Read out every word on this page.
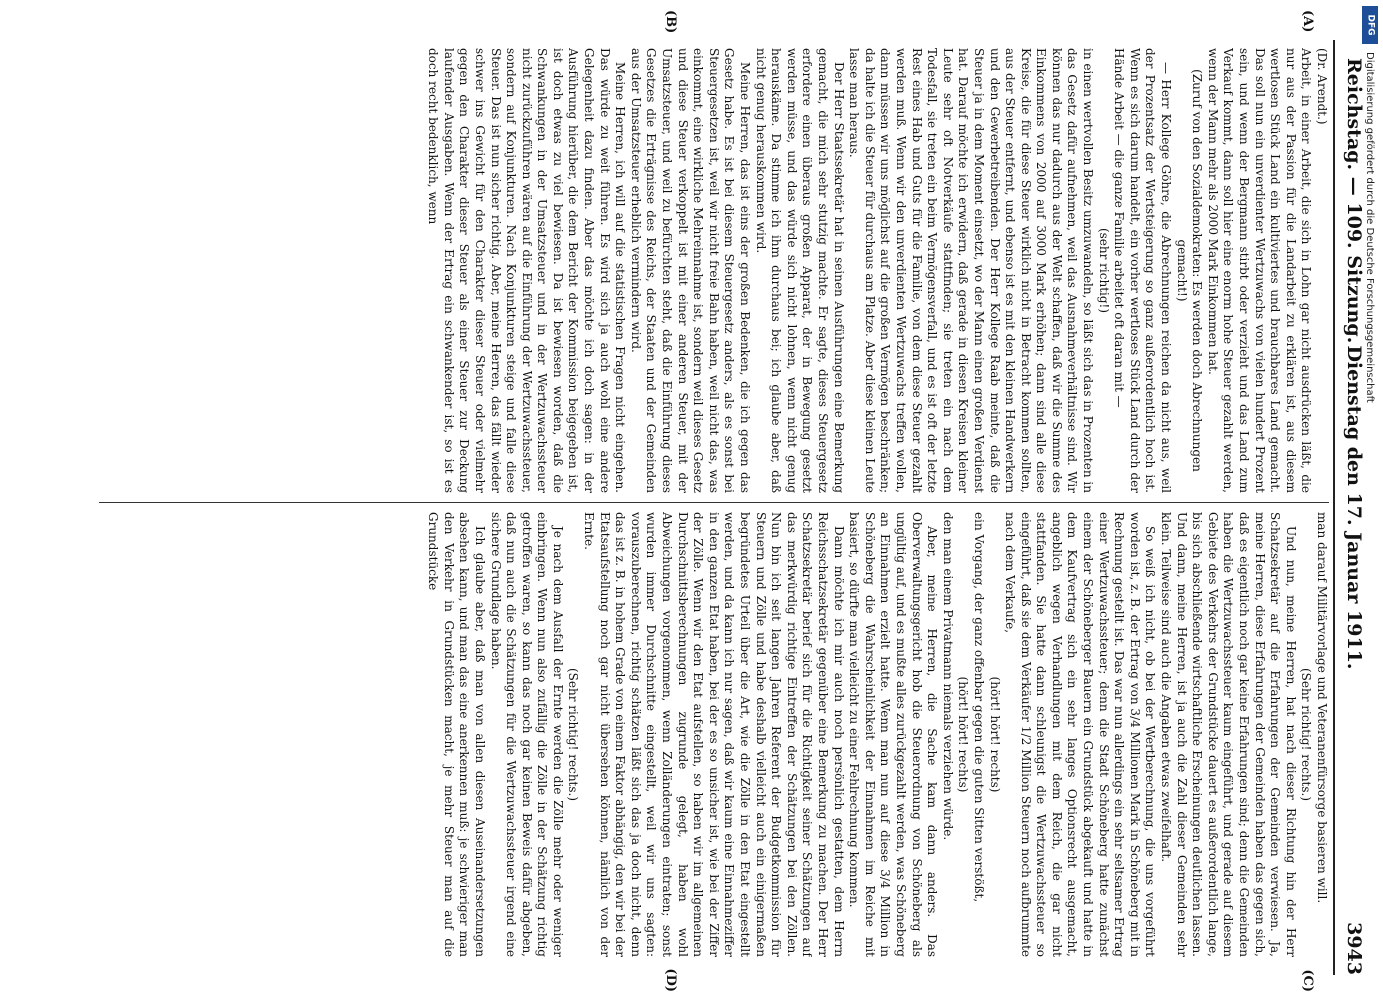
Reichstag. — 109. Sitzung.
Dienstag den 17. Januar 1911.
3943
(A)
(B)
(C)
(D)

(Dr. Arendt.)

Arbeit, in einer Arbeit, die sich in Lohn gar nicht ausdrücken läßt, die nur aus der Passion für die Landarbeit zu erklären ist, aus diesem wertlosen Stück Land ein kultiviertes und brauchbares Land gemacht. Das soll nun ein unverdienter Wertzuwachs von vielen hundert Prozent sein, und wenn der Bergmann stirbt oder verzieht und das Land zum Verkauf kommt, dann soll hier eine enorm hohe Steuer gezahlt werden, wenn der Mann mehr als 2000 Mark Einkommen hat.

(Zuruf von den Sozialdemokraten: Es werden doch Abrechnungen gemacht!)

— Herr Kollege Göhre, die Abrechnungen reichen da nicht aus, weil der Prozentsatz der Wertsteigerung so ganz außerordentlich hoch ist. Wenn es sich darum handelt, ein vorher wertloses Stück Land durch der Hände Arbeit — die ganze Familie arbeitet oft daran mit —

(sehr richtig!)

in einen wertvollen Besitz umzuwandeln, so läßt sich das in Prozenten in das Gesetz dafür aufnehmen, weil das Ausnahmeverhältnisse sind. Wir können das nur dadurch aus der Welt schaffen, daß wir die Summe des Einkommens von 2000 auf 3000 Mark erhöhen; dann sind alle diese Kreise, die für diese Steuer wirklich nicht in Betracht kommen sollten, aus der Steuer entfernt, und ebenso ist es mit den kleinen Handwerkern und den Gewerbetreibenden. Der Herr Kollege Raab meinte, daß die Steuer ja in dem Moment einsetzt, wo der Mann einen großen Verdienst hat. Darauf möchte ich erwidern, daß gerade in diesen Kreisen kleiner Leute sehr oft Notverkäufe stattfinden; sie treten ein nach dem Todesfall, sie treten ein beim Vermögensverfall, und es ist oft der letzte Rest eines Hab und Guts für die Familie, von dem diese Steuer gezahlt werden muß. Wenn wir den unverdienten Wertzuwachs treffen wollen, dann müssen wir uns möglichst auf die großen Vermögen beschränken; da halte ich die Steuer für durchaus am Platze. Aber diese kleinen Leute lasse man heraus.

Der Herr Staatssekretär hat in seinen Ausführungen eine Bemerkung gemacht, die mich sehr stutzig machte. Er sagte, dieses Steuergesetz erfordere einen überaus großen Apparat, der in Bewegung gesetzt werden müsse, und das würde sich nicht lohnen, wenn nicht genug herauskäme. Da stimme ich ihm durchaus bei; ich glaube aber, daß nicht genug herauskommen wird.

Meine Herren, das ist eins der großen Bedenken, die ich gegen das Gesetz habe. Es ist bei diesem Steuergesetz anders, als es sonst bei Steuergesetzen ist, weil wir nicht freie Bahn haben, weil nicht das, was einkommt, eine wirkliche Mehreinnahme ist, sondern weil dieses Gesetz und diese Steuer verkoppelt ist mit einer anderen Steuer, mit der Umsatzsteuer, und weil zu befürchten steht, daß die Einführung dieses Gesetzes die Erträgnisse des Reichs, der Staaten und der Gemeinden aus der Umsatzsteuer erheblich vermindern wird.

Meine Herren, ich will auf die statistischen Fragen nicht eingehen. Das würde zu weit führen. Es wird sich ja auch wohl eine andere Gelegenheit dazu finden. Aber das möchte ich doch sagen: in der Ausführung hierüber, die dem Bericht der Kommission beigegeben ist, ist doch etwas zu viel bewiesen. Da ist bewiesen worden, daß die Schwankungen in der Umsatzsteuer und in der Wertzuwachssteuer nicht zurückzuführen wären auf die Einführung der Wertzuwachssteuer, sondern auf Konjunkturen. Nach Konjunkturen steige und falle diese Steuer. Das ist nun sicher richtig. Aber, meine Herren, das fällt wieder schwer ins Gewicht für den Charakter dieser Steuer oder vielmehr gegen den Charakter dieser Steuer als einer Steuer zur Deckung laufender Ausgaben. Wenn der Ertrag ein schwankender ist, so ist es doch recht bedenklich, wenn

man darauf Militärvorlage und Veteranenfürsorge basieren will.

(Sehr richtig! rechts.)

Und nun, meine Herren, hat nach dieser Richtung hin der Herr Schatzsekretär auf die Erfahrungen der Gemeinden verwiesen. Ja, meine Herren, diese Erfahrungen der Gemeinden haben das gegen sich, daß es eigentlich noch gar keine Erfahrungen sind; denn die Gemeinden haben die Wertzuwachssteuer kaum eingeführt, und gerade auf diesem Gebiete des Verkehrs der Grundstücke dauert es außerordentlich lange, bis sich abschließende wirtschaftliche Erscheinungen deutlichen lassen. Und dann, meine Herren, ist ja auch die Zahl dieser Gemeinden sehr klein. Teilweise sind auch die Angaben etwas zweifelhaft.

So weiß ich nicht, ob bei der Wertberechnung, die uns vorgeführt worden ist, z. B. der Ertrag von 3/4 Millionen Mark in Schöneberg mit in Rechnung gestellt ist. Das war nun allerdings ein sehr seltsamer Ertrag einer Wertzuwachssteuer; denn die Stadt Schöneberg hatte zunächst einem der Schöneberger Bauern ein Grundstück abgekauft und hatte in dem Kaufvertrag sich ein sehr langes Optionsrecht ausgemacht, angeblich wegen Verhandlungen mit dem Reich, die gar nicht stattfanden. Sie hatte dann schleunigst die Wertzuwachssteuer so eingeführt, daß sie dem Verkäufer 1/2 Million Steuern noch aufbrummte nach dem Verkaufe,

(hört! hört! rechts)

ein Vorgang, der ganz offenbar gegen die guten Sitten verstößt,

(hört! hört! rechts)

den man einem Privatmann niemals verziehen würde.

Aber, meine Herren, die Sache kam dann anders. Das Oberverwaltungsgericht hob die Steuerordnung von Schöneberg als ungültig auf, und es mußte alles zurückgezahlt werden, was Schöneberg an Einnahmen erzielt hatte. Wenn man nun auf diese 3/4 Million in Schöneberg die Wahrscheinlichkeit der Einnahmen im Reiche mit basiert, so dürfte man vielleicht zu einer Fehlrechnung kommen.

Dann möchte ich mir auch noch persönlich gestatten, dem Herrn Reichsschatzsekretär gegenüber eine Bemerkung zu machen. Der Herr Schatzsekretär berief sich für die Richtigkeit seiner Schätzungen auf das merkwürdig richtige Eintreffen der Schätzungen bei den Zöllen. Nun bin ich seit langen Jahren Referent der Budgetkommission für Steuern und Zölle und habe deshalb vielleicht auch ein einigermaßen begründetes Urteil über die Art, wie die Zölle in den Etat eingestellt werden, und da kann ich nur sagen, daß wir kaum eine Einnahmeziffer in den ganzen Etat haben, bei der es so unsicher ist, wie bei der Ziffer der Zölle. Wenn wir den Etat aufstellen, so haben wir im allgemeinen Durchschnittsberechnungen zugrunde gelegt, haben wohl Abweichungen vorgenommen, wenn Zolländerungen eintraten; sonst wurden immer Durchschnitte eingestellt, weil wir uns sagten: vorauszuberechnen, richtig schätzen läßt sich das ja doch nicht, denn das ist z. B. in hohem Grade von einem Faktor abhängig, den wir bei der Etatsaufstellung noch gar nicht übersehen können, nämlich von der Ernte.

(Sehr richtig! rechts.)

Je nach dem Ausfall der Ernte werden die Zölle mehr oder weniger einbringen. Wenn nun also zufällig die Zölle in der Schätzung richtig getroffen waren, so kann das noch gar keinen Beweis dafür abgeben, daß nun auch die Schätzungen für die Wertzuwachssteuer irgend eine sichere Grundlage haben.

Ich glaube aber, daß man von allen diesen Auseinandersetzungen absehen kann, und man das eine anerkennen muß: je schwieriger man den Verkehr in Grundstücken macht, je mehr Steuer man auf die Grundstücke

DFG
Digitalisierung gefördert durch die Deutsche Forschungsgemeinschaft
